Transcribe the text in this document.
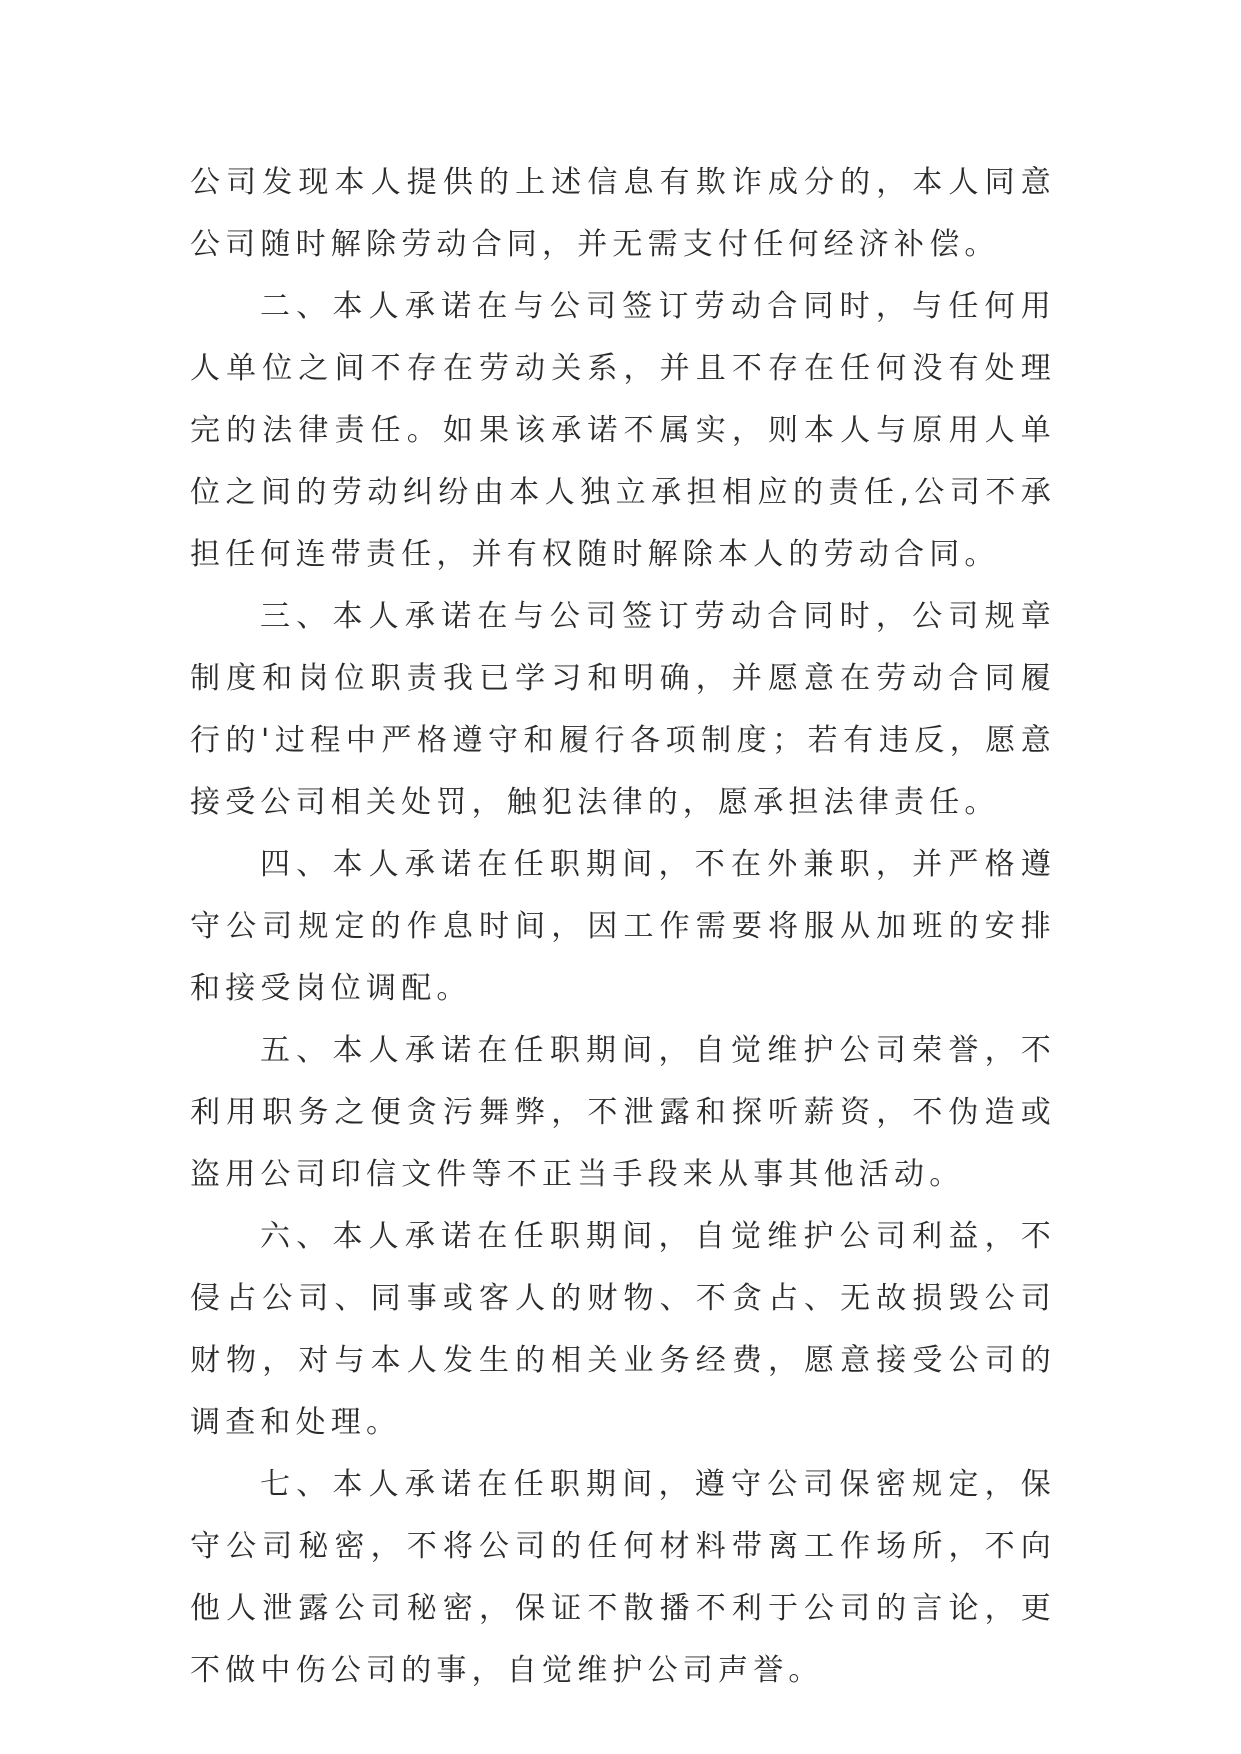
公司发现本人提供的上述信息有欺诈成分的，本人同意公司随时解除劳动合同，并无需支付任何经济补偿。

二、本人承诺在与公司签订劳动合同时，与任何用人单位之间不存在劳动关系，并且不存在任何没有处理完的法律责任。如果该承诺不属实，则本人与原用人单位之间的劳动纠纷由本人独立承担相应的责任,公司不承担任何连带责任，并有权随时解除本人的劳动合同。

三、本人承诺在与公司签订劳动合同时，公司规章制度和岗位职责我已学习和明确，并愿意在劳动合同履行的'过程中严格遵守和履行各项制度；若有违反，愿意接受公司相关处罚，触犯法律的，愿承担法律责任。

四、本人承诺在任职期间，不在外兼职，并严格遵守公司规定的作息时间，因工作需要将服从加班的安排和接受岗位调配。

五、本人承诺在任职期间，自觉维护公司荣誉，不利用职务之便贪污舞弊，不泄露和探听薪资，不伪造或盗用公司印信文件等不正当手段来从事其他活动。

六、本人承诺在任职期间，自觉维护公司利益，不侵占公司、同事或客人的财物、不贪占、无故损毁公司财物，对与本人发生的相关业务经费，愿意接受公司的调查和处理。

七、本人承诺在任职期间，遵守公司保密规定，保守公司秘密，不将公司的任何材料带离工作场所，不向他人泄露公司秘密，保证不散播不利于公司的言论，更不做中伤公司的事，自觉维护公司声誉。
